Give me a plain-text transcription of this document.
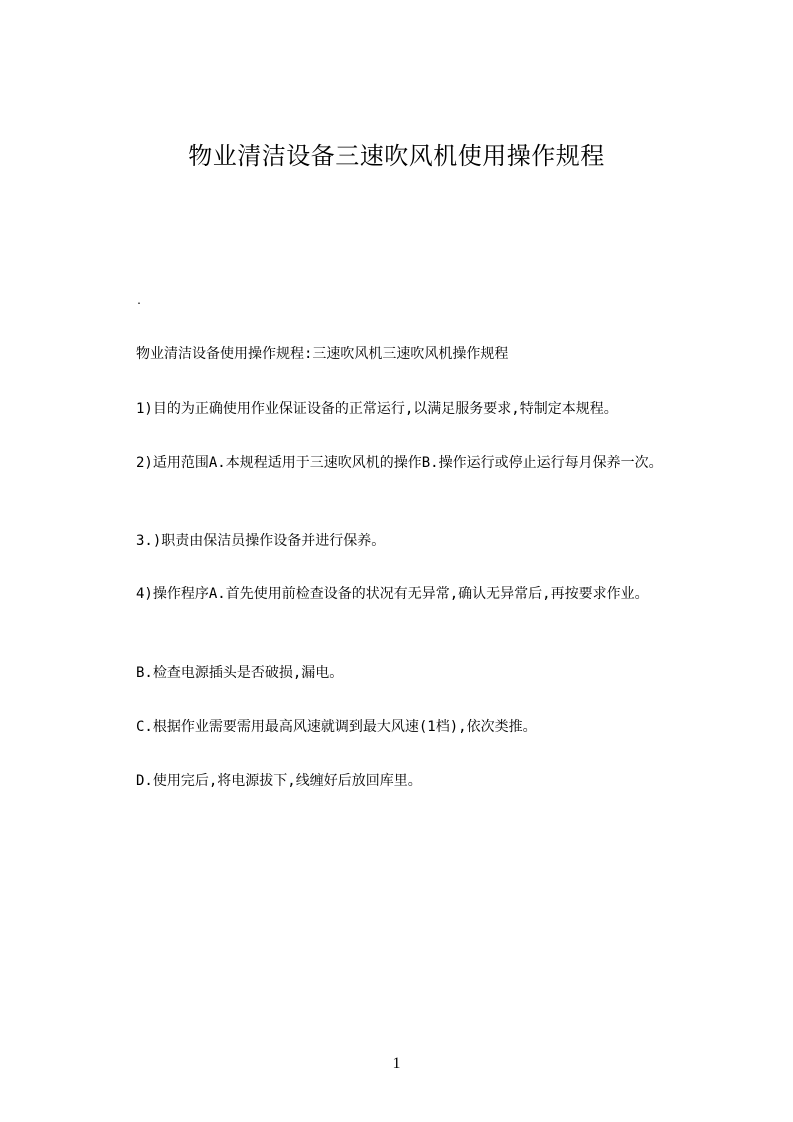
物业清洁设备三速吹风机使用操作规程
.
物业清洁设备使用操作规程:三速吹风机三速吹风机操作规程
1)目的为正确使用作业保证设备的正常运行,以满足服务要求,特制定本规程。
2)适用范围A.本规程适用于三速吹风机的操作B.操作运行或停止运行每月保养一次。
3.)职责由保洁员操作设备并进行保养。
4)操作程序A.首先使用前检查设备的状况有无异常,确认无异常后,再按要求作业。
B.检查电源插头是否破损,漏电。
C.根据作业需要需用最高风速就调到最大风速(1档),依次类推。
D.使用完后,将电源拔下,线缠好后放回库里。
1
